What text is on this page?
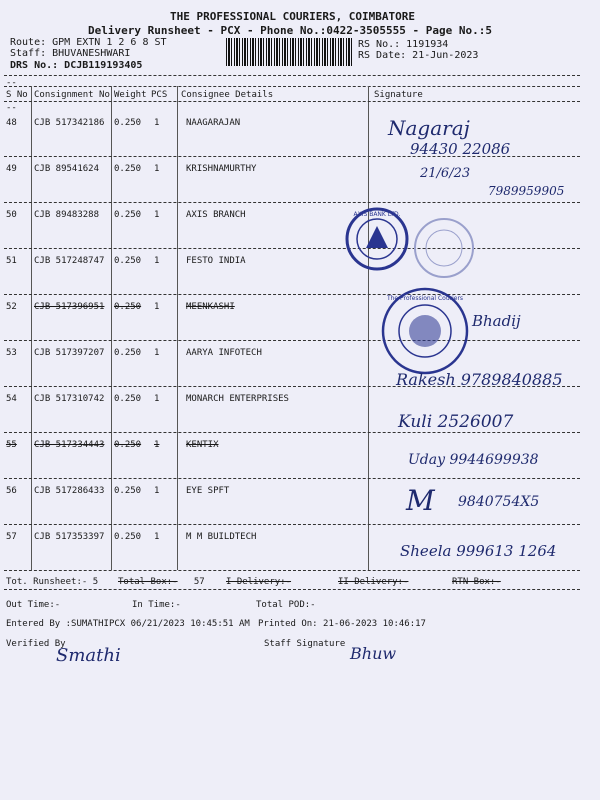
THE PROFESSIONAL COURIERS, COIMBATORE
Delivery Runsheet - PCX - Phone No.:0422-3505555 - Page No.:5
Route: GPM EXTN 1 2 6 8 ST
Staff: BHUVANESHWARI
DRS No.: DCJB119193405
RS No.: 1191934
RS Date: 21-Jun-2023
--
S No Consignment No Weight PCS Consignee Details	Signature
--
48 CJB 517342186 0.250 1	NAAGARAJAN
49 CJB 89541624 0.250 1	KRISHNAMURTHY
50 CJB 89483288 0.250 1	AXIS BRANCH
51 CJB 517248747 0.250 1	FESTO INDIA
52 CJB 517396951 0.250 1	MEENKASHI
53 CJB 517397207 0.250 1	AARYA INFOTECH
54 CJB 517310742 0.250 1	MONARCH ENTERPRISES
55 CJB 517334443 0.250 1	KENTIX
56 CJB 517286433 0.250 1	EYE SPFT
57 CJB 517353397 0.250 1	M M BUILDTECH
Tot. Runsheet:- 5 Total Box:-   57 I Delivery:-	II Delivery:-	RTN Box:-
Out Time:-	In Time:-	Total POD:-
Entered By :SUMATHIPCX 06/21/2023 10:45:51 AM Printed On: 21-06-2023 10:46:17
Verified By	Staff Signature
AXIS BANK LTD.
The Professional Couriers
Nagaraj
94430 22086
21/6/23
7989959905
Bhadij
Rakesh 9789840885
Kuli 2526007
Uday 9944699938
M 9840754X5
Sheela 999613 1264
Smathi	Bhuw
